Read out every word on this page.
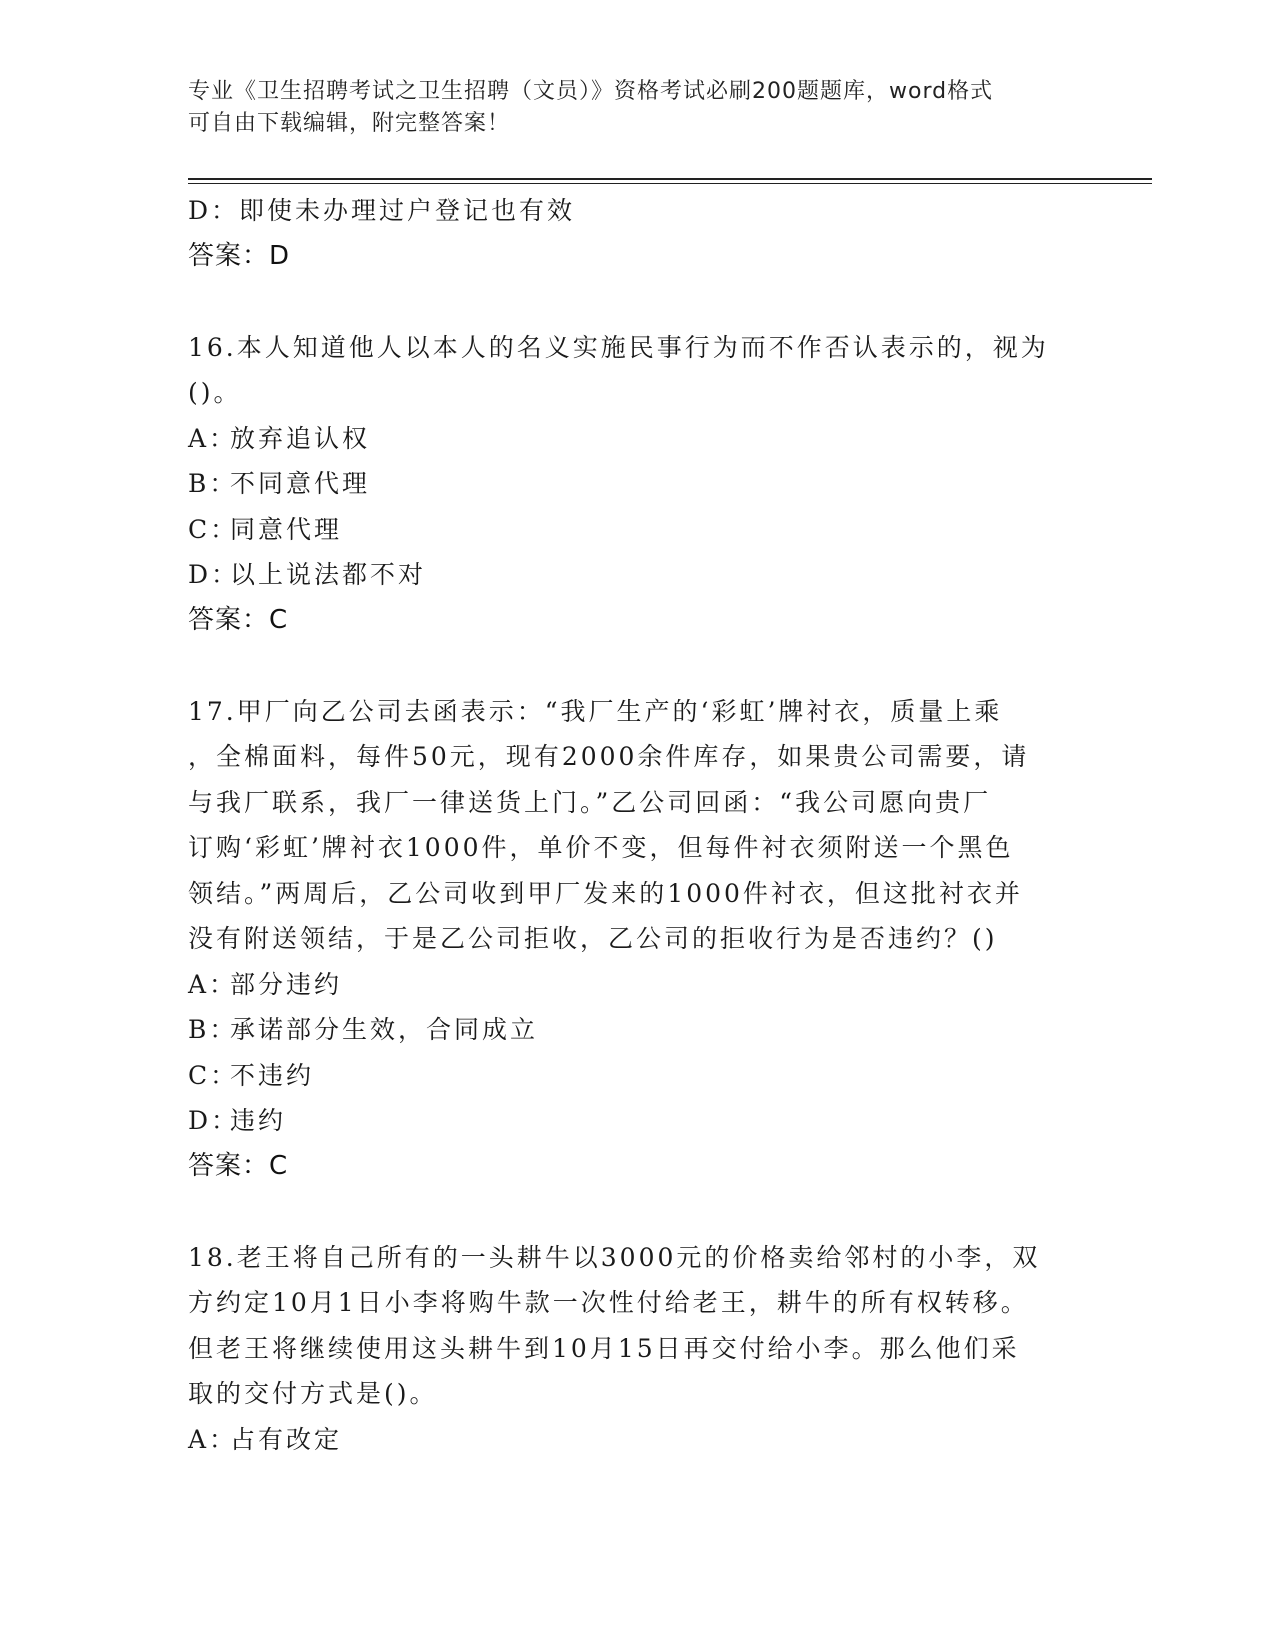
专业《卫生招聘考试之卫生招聘（文员）》资格考试必刷200题题库，word格式
可自由下载编辑，附完整答案！
D：即使未办理过户登记也有效
答案：D
16.本人知道他人以本人的名义实施民事行为而不作否认表示的，视为
()。
A：放弃追认权
B：不同意代理
C：同意代理
D：以上说法都不对
答案：C
17.甲厂向乙公司去函表示：“我厂生产的‘彩虹’牌衬衣，质量上乘
，全棉面料，每件50元，现有2000余件库存，如果贵公司需要，请
与我厂联系，我厂一律送货上门。”乙公司回函：“我公司愿向贵厂
订购‘彩虹’牌衬衣1000件，单价不变，但每件衬衣须附送一个黑色
领结。”两周后，乙公司收到甲厂发来的1000件衬衣，但这批衬衣并
没有附送领结，于是乙公司拒收，乙公司的拒收行为是否违约？()
A：部分违约
B：承诺部分生效，合同成立
C：不违约
D：违约
答案：C
18.老王将自己所有的一头耕牛以3000元的价格卖给邻村的小李，双
方约定10月1日小李将购牛款一次性付给老王，耕牛的所有权转移。
但老王将继续使用这头耕牛到10月15日再交付给小李。那么他们采
取的交付方式是()。
A：占有改定
